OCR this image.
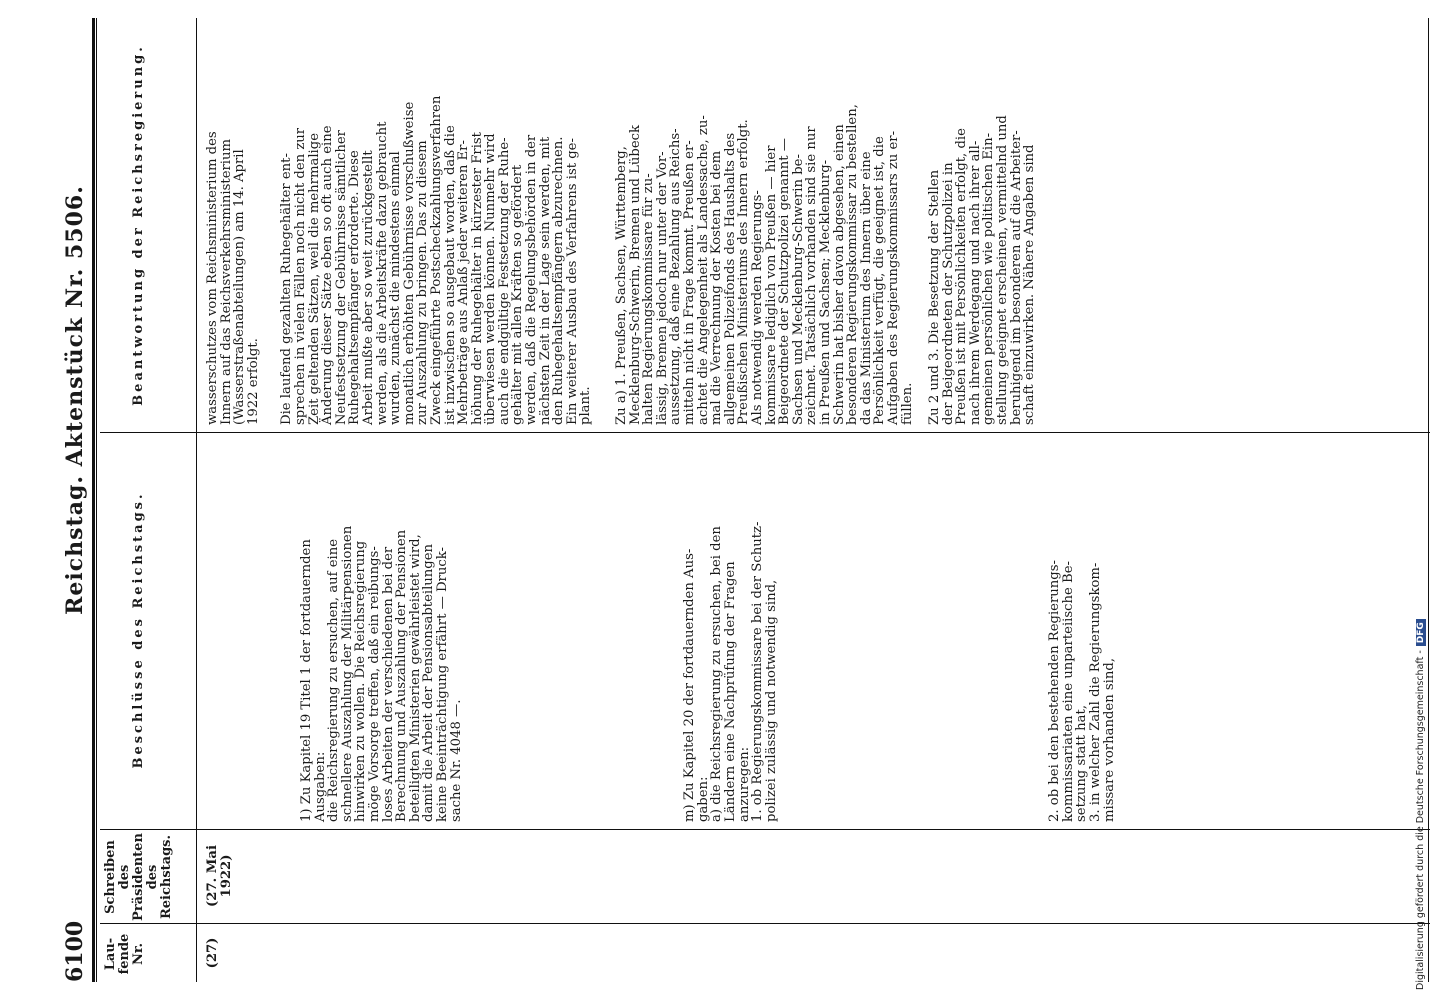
6100
Reichstag. Aktenstück Nr. 5506.
Lau-
fende
Nr.
Schreiben
des
Präsidenten
des
Reichstags.
Beschlüsse des Reichstags.
Beantwortung der Reichsregierung.
(27)
(27. Mai
1922)
1) Zu Kapitel 19 Titel 1 der fortdauernden
Ausgaben:
die Reichsregierung zu ersuchen, auf eine
schnellere Auszahlung der Militärpensionen
hinwirken zu wollen. Die Reichsregierung
möge Vorsorge treffen, daß ein reibungs-
loses Arbeiten der verschiedenen bei der
Berechnung und Auszahlung der Pensionen
beteiligten Ministerien gewährleistet wird,
damit die Arbeit der Pensionsabteilungen
keine Beeinträchtigung erfährt — Druck-
sache Nr. 4048 —.
m) Zu Kapitel 20 der fortdauernden Aus-
gaben:
a) die Reichsregierung zu ersuchen, bei den
Ländern eine Nachprüfung der Fragen
anzuregen:
1. ob Regierungskommissare bei der Schutz-
polizei zulässig und notwendig sind,
2. ob bei den bestehenden Regierungs-
kommissariaten eine unparteiische Be-
setzung statt hat,
3. in welcher Zahl die Regierungskom-
missare vorhanden sind,
wasserschutzes vom Reichsministerium des
Innern auf das Reichsverkehrsministerium
(Wasserstraßenabteilungen) am 14. April
1922 erfolgt.
Die laufend gezahlten Ruhegehälter ent-
sprechen in vielen Fällen noch nicht den zur
Zeit geltenden Sätzen, weil die mehrmalige
Änderung dieser Sätze eben so oft auch eine
Neufestsetzung der Gebührnisse sämtlicher
Ruhegehaltsempfänger erforderte. Diese
Arbeit mußte aber so weit zurückgestellt
werden, als die Arbeitskräfte dazu gebraucht
wurden, zunächst die mindestens einmal
monatlich erhöhten Gebührnisse vorschußweise
zur Auszahlung zu bringen. Das zu diesem
Zweck eingeführte Postscheckzahlungsverfahren
ist inzwischen so ausgebaut worden, daß die
Mehrbeträge aus Anlaß jeder weiteren Er-
höhung der Ruhegehälter in kürzester Frist
überwiesen werden können. Nunmehr wird
auch die endgültige Festsetzung der Ruhe-
gehälter mit allen Kräften so gefördert
werden, daß die Regelungsbehörden in der
nächsten Zeit in der Lage sein werden, mit
den Ruhegehaltsempfängern abzurechnen.
Ein weiterer Ausbau des Verfahrens ist ge-
plant. Zu a) 1. Preußen, Sachsen, Württemberg,
Mecklenburg-Schwerin, Bremen und Lübeck
halten Regierungskommissare für zu-
lässig, Bremen jedoch nur unter der Vor-
aussetzung, daß eine Bezahlung aus Reichs-
mitteln nicht in Frage kommt. Preußen er-
achtet die Angelegenheit als Landessache, zu-
mal die Verrechnung der Kosten bei dem
allgemeinen Polizeifonds des Haushalts des
Preußischen Ministeriums des Innern erfolgt.
Als notwendig werden Regierungs-
kommissare lediglich von Preußen — hier
Beigeordnete der Schutzpolizei genannt —
Sachsen und Mecklenburg-Schwerin be-
zeichnet. Tatsächlich vorhanden sind sie nur
in Preußen und Sachsen; Mecklenburg-
Schwerin hat bisher davon abgesehen, einen
besonderen Regierungskommissar zu bestellen,
da das Ministerium des Innern über eine
Persönlichkeit verfügt, die geeignet ist, die
Aufgaben des Regierungskommissars zu er-
füllen. Zu 2 und 3. Die Besetzung der Stellen
der Beigeordneten der Schutzpolizei in
Preußen ist mit Persönlichkeiten erfolgt, die
nach ihrem Werdegang und nach ihrer all-
gemeinen persönlichen wie politischen Ein-
stellung geeignet erscheinen, vermittelnd und
beruhigend im besonderen auf die Arbeiter-
schaft einzuwirken. Nähere Angaben sind
Digitalisierung gefördert durch die Deutsche Forschungsgemeinschaft -DFG
